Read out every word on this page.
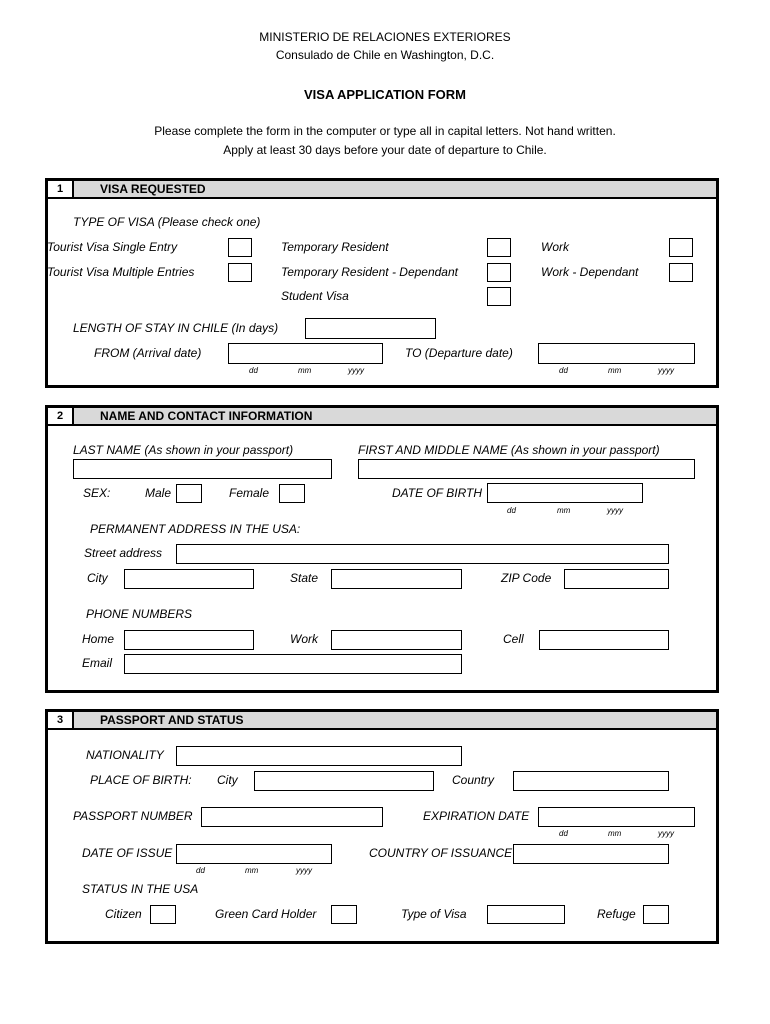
MINISTERIO DE RELACIONES EXTERIORES
Consulado de Chile en Washington, D.C.
VISA APPLICATION FORM
Please complete the form in the computer or type all in capital letters. Not hand written.
Apply at least 30 days before your date of departure to Chile.
1	VISA REQUESTED
TYPE OF VISA (Please check one)
Tourist Visa Single Entry
Tourist Visa Multiple Entries
Temporary Resident
Temporary Resident - Dependant
Student Visa
Work
Work - Dependant
LENGTH OF STAY IN CHILE (In days)
FROM (Arrival date)
dd	mm	yyyy
TO (Departure date)
dd	mm	yyyy
2	NAME AND CONTACT INFORMATION
LAST NAME (As shown in your passport)	FIRST AND MIDDLE NAME (As shown in your passport)
SEX:	Male	Female	DATE OF BIRTH
dd	mm	yyyy
PERMANENT ADDRESS IN THE USA:
Street address
City	State	ZIP Code
PHONE NUMBERS
Home	Work	Cell
Email
3	PASSPORT AND STATUS
NATIONALITY
PLACE OF BIRTH: City	Country
PASSPORT NUMBER	EXPIRATION DATE
dd	mm	yyyy
DATE OF ISSUE
dd	mm	yyyy
COUNTRY OF ISSUANCE
STATUS IN THE USA
Citizen	Green Card Holder	Type of Visa	Refuge
